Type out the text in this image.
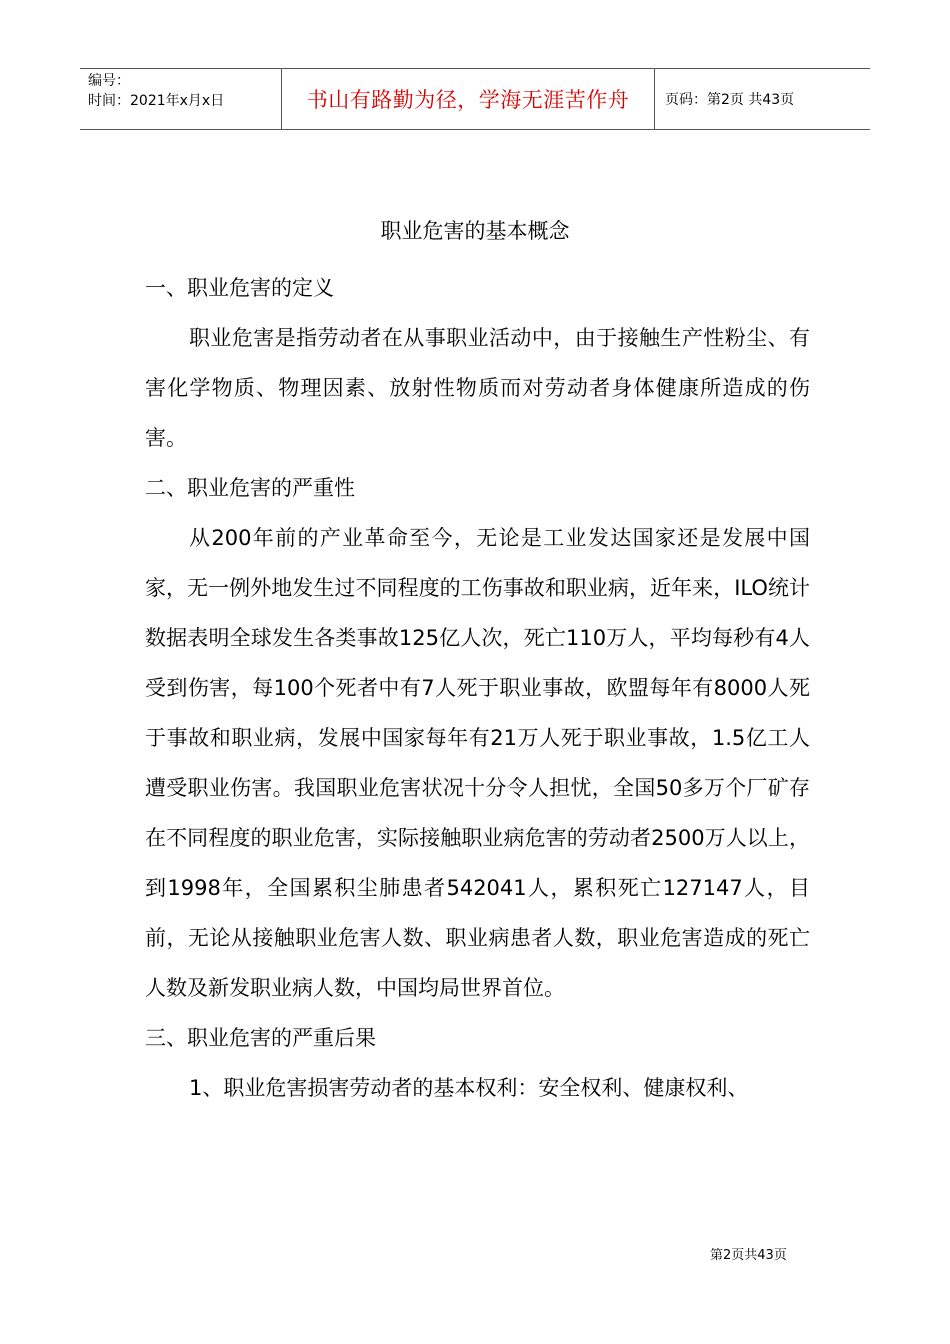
编号：
时间：2021年x月x日	书山有路勤为径，学海无涯苦作舟	页码：第2页 共43页
职业危害的基本概念

一、职业危害的定义

职业危害是指劳动者在从事职业活动中，由于接触生产性粉尘、有害化学物质、物理因素、放射性物质而对劳动者身体健康所造成的伤害。

二、职业危害的严重性

从200年前的产业革命至今，无论是工业发达国家还是发展中国家，无一例外地发生过不同程度的工伤事故和职业病，近年来，ILO统计数据表明全球发生各类事故125亿人次，死亡110万人，平均每秒有4人受到伤害，每100个死者中有7人死于职业事故，欧盟每年有8000人死于事故和职业病，发展中国家每年有21万人死于职业事故，1.5亿工人遭受职业伤害。我国职业危害状况十分令人担忧，全国50多万个厂矿存在不同程度的职业危害，实际接触职业病危害的劳动者2500万人以上，到1998年，全国累积尘肺患者542041人，累积死亡127147人，目前，无论从接触职业危害人数、职业病患者人数，职业危害造成的死亡人数及新发职业病人数，中国均局世界首位。

三、职业危害的严重后果

1、职业危害损害劳动者的基本权利：安全权利、健康权利、

第2页共43页
